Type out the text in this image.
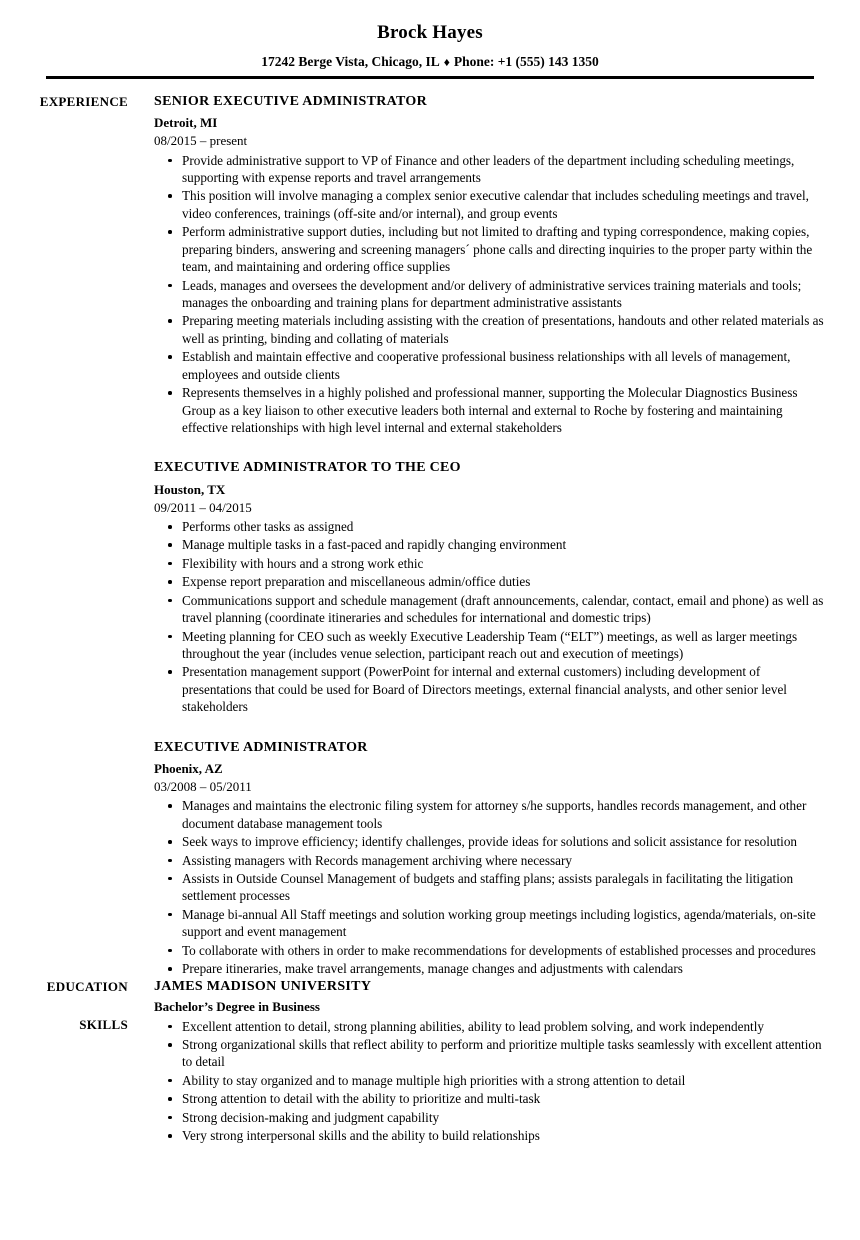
Brock Hayes
17242 Berge Vista, Chicago, IL ♦ Phone: +1 (555) 143 1350
EXPERIENCE SENIOR EXECUTIVE ADMINISTRATOR
Detroit, MI
08/2015 – present
Provide administrative support to VP of Finance and other leaders of the department including scheduling meetings, supporting with expense reports and travel arrangements
This position will involve managing a complex senior executive calendar that includes scheduling meetings and travel, video conferences, trainings (off-site and/or internal), and group events
Perform administrative support duties, including but not limited to drafting and typing correspondence, making copies, preparing binders, answering and screening managers´ phone calls and directing inquiries to the proper party within the team, and maintaining and ordering office supplies
Leads, manages and oversees the development and/or delivery of administrative services training materials and tools; manages the onboarding and training plans for department administrative assistants
Preparing meeting materials including assisting with the creation of presentations, handouts and other related materials as well as printing, binding and collating of materials
Establish and maintain effective and cooperative professional business relationships with all levels of management, employees and outside clients
Represents themselves in a highly polished and professional manner, supporting the Molecular Diagnostics Business Group as a key liaison to other executive leaders both internal and external to Roche by fostering and maintaining effective relationships with high level internal and external stakeholders
EXECUTIVE ADMINISTRATOR TO THE CEO
Houston, TX
09/2011 – 04/2015
Performs other tasks as assigned
Manage multiple tasks in a fast-paced and rapidly changing environment
Flexibility with hours and a strong work ethic
Expense report preparation and miscellaneous admin/office duties
Communications support and schedule management (draft announcements, calendar, contact, email and phone) as well as travel planning (coordinate itineraries and schedules for international and domestic trips)
Meeting planning for CEO such as weekly Executive Leadership Team (“ELT”) meetings, as well as larger meetings throughout the year (includes venue selection, participant reach out and execution of meetings)
Presentation management support (PowerPoint for internal and external customers) including development of presentations that could be used for Board of Directors meetings, external financial analysts, and other senior level stakeholders
EXECUTIVE ADMINISTRATOR
Phoenix, AZ
03/2008 – 05/2011
Manages and maintains the electronic filing system for attorney s/he supports, handles records management, and other document database management tools
Seek ways to improve efficiency; identify challenges, provide ideas for solutions and solicit assistance for resolution
Assisting managers with Records management archiving where necessary
Assists in Outside Counsel Management of budgets and staffing plans; assists paralegals in facilitating the litigation settlement processes
Manage bi-annual All Staff meetings and solution working group meetings including logistics, agenda/materials, on-site support and event management
To collaborate with others in order to make recommendations for developments of established processes and procedures
Prepare itineraries, make travel arrangements, manage changes and adjustments with calendars
EDUCATION JAMES MADISON UNIVERSITY
Bachelor’s Degree in Business
SKILLS	Excellent attention to detail, strong planning abilities, ability to lead problem solving, and work independently
Strong organizational skills that reflect ability to perform and prioritize multiple tasks seamlessly with excellent attention to detail
Ability to stay organized and to manage multiple high priorities with a strong attention to detail
Strong attention to detail with the ability to prioritize and multi-task
Strong decision-making and judgment capability
Very strong interpersonal skills and the ability to build relationships
